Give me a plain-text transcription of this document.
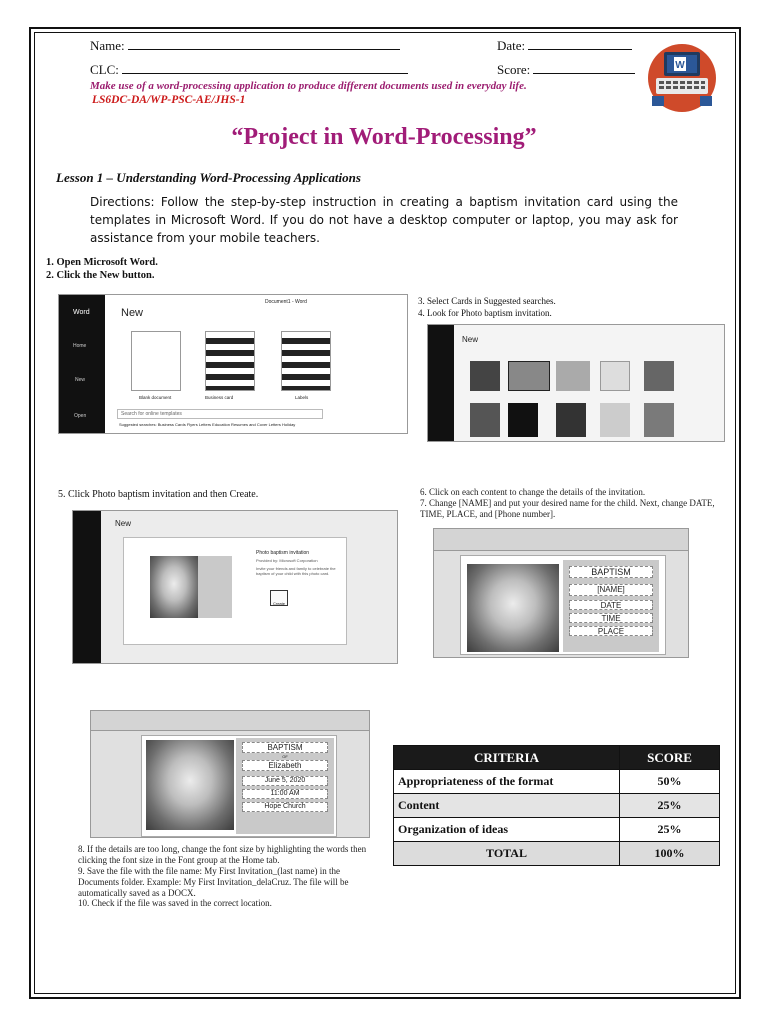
Name:	Date:
CLC:	Score:
Make use of a word-processing application to produce different documents used in everyday life.
LS6DC-DA/WP-PSC-AE/JHS-1
W
“Project in Word-Processing”
Lesson 1 – Understanding Word-Processing Applications
Directions: Follow the step-by-step instruction in creating a baptism invitation card using the templates in Microsoft Word. If you do not have a desktop computer or laptop, you may ask for assistance from your mobile teachers.
1. Open Microsoft Word.
2. Click the New button.
Word
Home
New
Open
Document1 - Word
New
Blank document	Business card	Labels
Search for online templates
Suggested searches: Business Cards Flyers Letters Education Resumes and Cover Letters Holiday
3. Select Cards in Suggested searches.
4. Look for Photo baptism invitation.
New
5. Click Photo baptism invitation and then Create.
New
Photo baptism invitation
Provided by: Microsoft Corporation
Invite your friends and family to celebrate the baptism of your child with this photo card.
Create
6. Click on each content to change the details of the invitation.
7. Change [NAME] and put your desired name for the child. Next, change DATE, TIME, PLACE, and [Phone number].
BAPTISM
[NAME]
DATE
TIME
PLACE
BAPTISM
OF
Elizabeth
June 5, 2020
11:00 AM
Hope Church
8. If the details are too long, change the font size by highlighting the words then clicking the font size in the Font group at the Home tab.
9. Save the file with the file name: My First Invitation_(last name) in the Documents folder. Example: My First Invitation_delaCruz. The file will be automatically saved as a DOCX.
10. Check if the file was saved in the correct location.
CRITERIA	SCORE
Appropriateness of the format	50%
Content	25%
Organization of ideas	25%
TOTAL	100%
